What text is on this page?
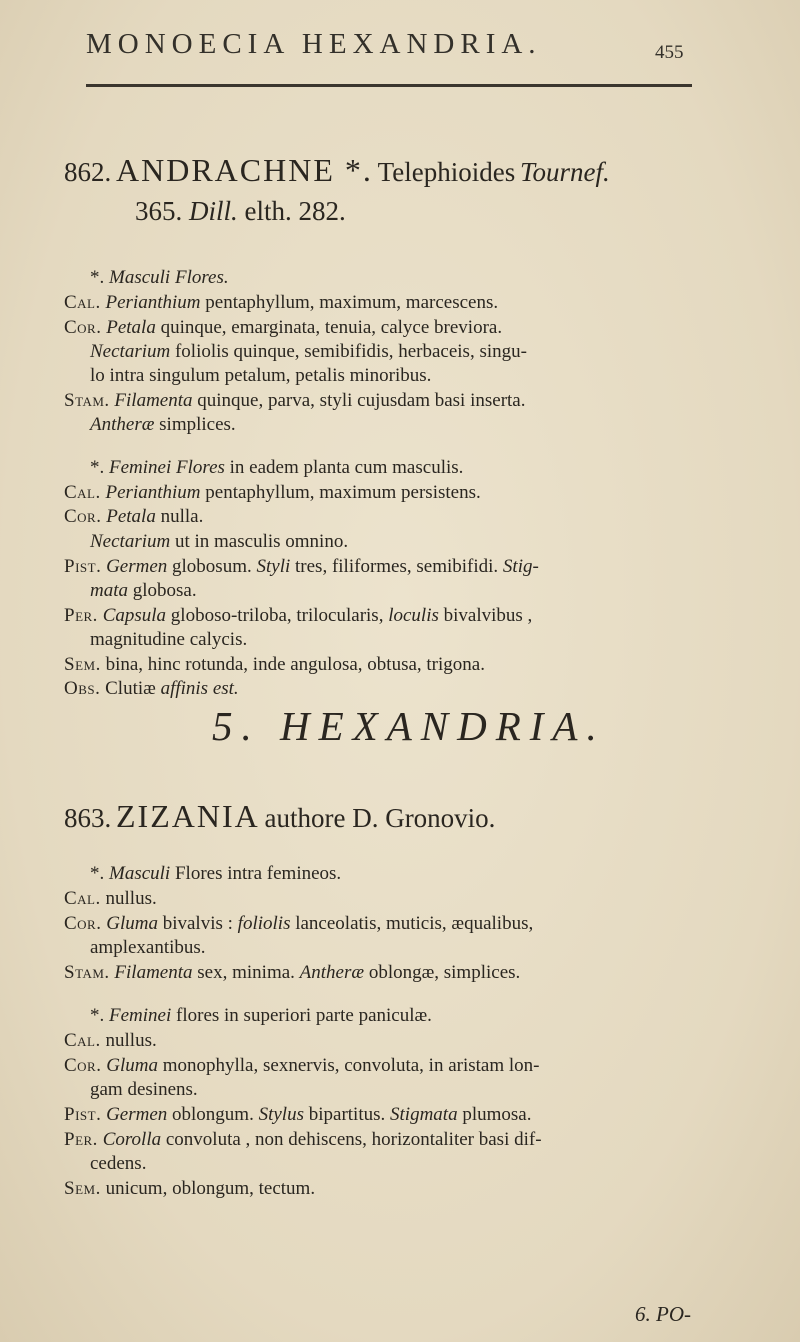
MONOECIA HEXANDRIA.	455
862. ANDRACHNE *. Telephioides Tournef.
365. Dill. elth. 282.
*. Masculi Flores.
Cal. Perianthium pentaphyllum, maximum, marcescens.
Cor. Petala quinque, emarginata, tenuia, calyce breviora.
Nectarium foliolis quinque, semibifidis, herbaceis, singu-
lo intra singulum petalum, petalis minoribus.
Stam. Filamenta quinque, parva, styli cujusdam basi inserta.
Antheræ simplices.
*. Feminei Flores in eadem planta cum masculis.
Cal. Perianthium pentaphyllum, maximum persistens.
Cor. Petala nulla.
Nectarium ut in masculis omnino.
Pist. Germen globosum. Styli tres, filiformes, semibifidi. Stig-
mata globosa.
Per. Capsula globoso-triloba, trilocularis, loculis bivalvibus ,
magnitudine calycis.
Sem. bina, hinc rotunda, inde angulosa, obtusa, trigona.
Obs. Clutiæ affinis est.
5. HEXANDRIA.
863. ZIZANIA authore D. Gronovio.
*. Masculi Flores intra femineos.
Cal. nullus.
Cor. Gluma bivalvis : foliolis lanceolatis, muticis, æqualibus,
amplexantibus.
Stam. Filamenta sex, minima. Antheræ oblongæ, simplices.
*. Feminei flores in superiori parte paniculæ.
Cal. nullus.
Cor. Gluma monophylla, sexnervis, convoluta, in aristam lon-
gam desinens.
Pist. Germen oblongum. Stylus bipartitus. Stigmata plumosa.
Per. Corolla convoluta , non dehiscens, horizontaliter basi dif-
cedens.
Sem. unicum, oblongum, tectum.
6. PO-
